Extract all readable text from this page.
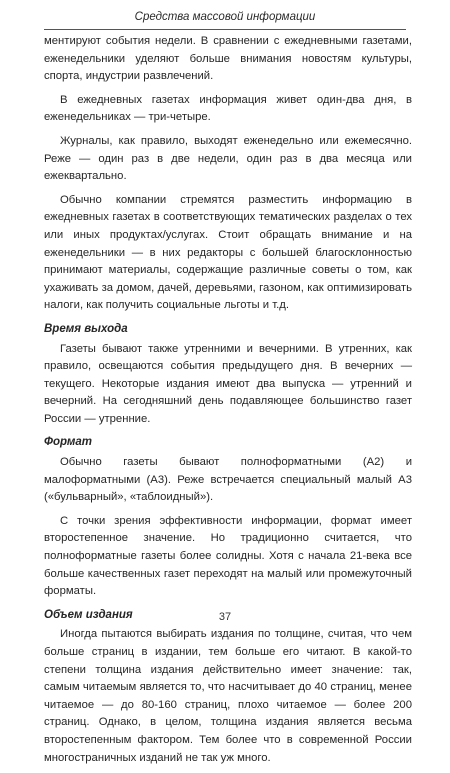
Средства массовой информации

ментируют события недели. В сравнении с ежедневными газетами, еженедельники уделяют больше внимания новостям культуры, спорта, индустрии развлечений.

В ежедневных газетах информация живет один-два дня, в еженедельниках — три-четыре.

Журналы, как правило, выходят еженедельно или ежемесячно. Реже — один раз в две недели, один раз в два месяца или ежеквартально.

Обычно компании стремятся разместить информацию в ежедневных газетах в соответствующих тематических разделах о тех или иных продуктах/услугах. Стоит обращать внимание и на еженедельники — в них редакторы с большей благосклонностью принимают материалы, содержащие различные советы о том, как ухаживать за домом, дачей, деревьями, газоном, как оптимизировать налоги, как получить социальные льготы и т.д.

Время выхода

Газеты бывают также утренними и вечерними. В утренних, как правило, освещаются события предыдущего дня. В вечерних — текущего. Некоторые издания имеют два выпуска — утренний и вечерний. На сегодняшний день подавляющее большинство газет России — утренние.

Формат

Обычно газеты бывают полноформатными (А2) и малоформатными (А3). Реже встречается специальный малый А3 («бульварный», «таблоидный»).

С точки зрения эффективности информации, формат имеет второстепенное значение. Но традиционно считается, что полноформатные газеты более солидны. Хотя с начала 21-века все больше качественных газет переходят на малый или промежуточный форматы.

Объем издания

Иногда пытаются выбирать издания по толщине, считая, что чем больше страниц в издании, тем больше его читают. В какой-то степени толщина издания действительно имеет значение: так, самым читаемым является то, что насчитывает до 40 страниц, менее читаемое — до 80-160 страниц, плохо читаемое — более 200 страниц. Однако, в целом, толщина издания является весьма второстепенным фактором. Тем более что в современной России многостраничных изданий не так уж много.

37
